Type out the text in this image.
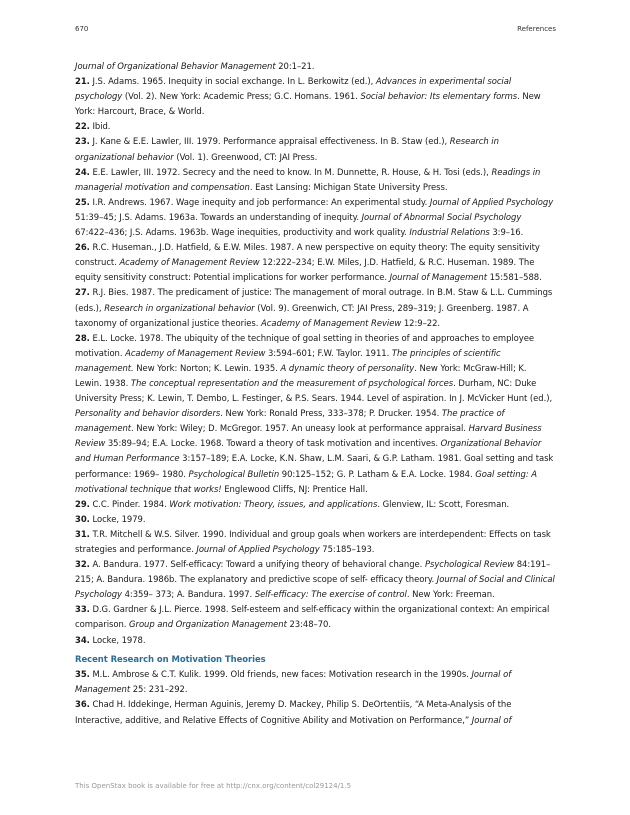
670	References
Journal of Organizational Behavior Management 20:1–21.
21. J.S. Adams. 1965. Inequity in social exchange. In L. Berkowitz (ed.), Advances in experimental social psychology (Vol. 2). New York: Academic Press; G.C. Homans. 1961. Social behavior: Its elementary forms. New York: Harcourt, Brace, & World.
22. Ibid.
23. J. Kane & E.E. Lawler, III. 1979. Performance appraisal effectiveness. In B. Staw (ed.), Research in organizational behavior (Vol. 1). Greenwood, CT: JAI Press.
24. E.E. Lawler, III. 1972. Secrecy and the need to know. In M. Dunnette, R. House, & H. Tosi (eds.), Readings in managerial motivation and compensation. East Lansing: Michigan State University Press.
25. I.R. Andrews. 1967. Wage inequity and job performance: An experimental study. Journal of Applied Psychology 51:39–45; J.S. Adams. 1963a. Towards an understanding of inequity. Journal of Abnormal Social Psychology 67:422–436; J.S. Adams. 1963b. Wage inequities, productivity and work quality. Industrial Relations 3:9–16.
26. R.C. Huseman., J.D. Hatfield, & E.W. Miles. 1987. A new perspective on equity theory: The equity sensitivity construct. Academy of Management Review 12:222–234; E.W. Miles, J.D. Hatfield, & R.C. Huseman. 1989. The equity sensitivity construct: Potential implications for worker performance. Journal of Management 15:581–588.
27. R.J. Bies. 1987. The predicament of justice: The management of moral outrage. In B.M. Staw & L.L. Cummings (eds.), Research in organizational behavior (Vol. 9). Greenwich, CT: JAI Press, 289–319; J. Greenberg. 1987. A taxonomy of organizational justice theories. Academy of Management Review 12:9–22.
28. E.L. Locke. 1978. The ubiquity of the technique of goal setting in theories of and approaches to employee motivation. Academy of Management Review 3:594–601; F.W. Taylor. 1911. The principles of scientific management. New York: Norton; K. Lewin. 1935. A dynamic theory of personality. New York: McGraw-Hill; K. Lewin. 1938. The conceptual representation and the measurement of psychological forces. Durham, NC: Duke University Press; K. Lewin, T. Dembo, L. Festinger, & P.S. Sears. 1944. Level of aspiration. In J. McVicker Hunt (ed.), Personality and behavior disorders. New York: Ronald Press, 333–378; P. Drucker. 1954. The practice of management. New York: Wiley; D. McGregor. 1957. An uneasy look at performance appraisal. Harvard Business Review 35:89–94; E.A. Locke. 1968. Toward a theory of task motivation and incentives. Organizational Behavior and Human Performance 3:157–189; E.A. Locke, K.N. Shaw, L.M. Saari, & G.P. Latham. 1981. Goal setting and task performance: 1969– 1980. Psychological Bulletin 90:125–152; G. P. Latham & E.A. Locke. 1984. Goal setting: A motivational technique that works! Englewood Cliffs, NJ: Prentice Hall.
29. C.C. Pinder. 1984. Work motivation: Theory, issues, and applications. Glenview, IL: Scott, Foresman.
30. Locke, 1979.
31. T.R. Mitchell & W.S. Silver. 1990. Individual and group goals when workers are interdependent: Effects on task strategies and performance. Journal of Applied Psychology 75:185–193.
32. A. Bandura. 1977. Self-efficacy: Toward a unifying theory of behavioral change. Psychological Review 84:191–215; A. Bandura. 1986b. The explanatory and predictive scope of self- efficacy theory. Journal of Social and Clinical Psychology 4:359– 373; A. Bandura. 1997. Self-efficacy: The exercise of control. New York: Freeman.
33. D.G. Gardner & J.L. Pierce. 1998. Self-esteem and self-efficacy within the organizational context: An empirical comparison. Group and Organization Management 23:48–70.
34. Locke, 1978.
Recent Research on Motivation Theories
35. M.L. Ambrose & C.T. Kulik. 1999. Old friends, new faces: Motivation research in the 1990s. Journal of Management 25: 231–292.
36. Chad H. Iddekinge, Herman Aguinis, Jeremy D. Mackey, Philip S. DeOrtentiis, “A Meta-Analysis of the Interactive, additive, and Relative Effects of Cognitive Ability and Motivation on Performance,” Journal of
This OpenStax book is available for free at http://cnx.org/content/col29124/1.5
